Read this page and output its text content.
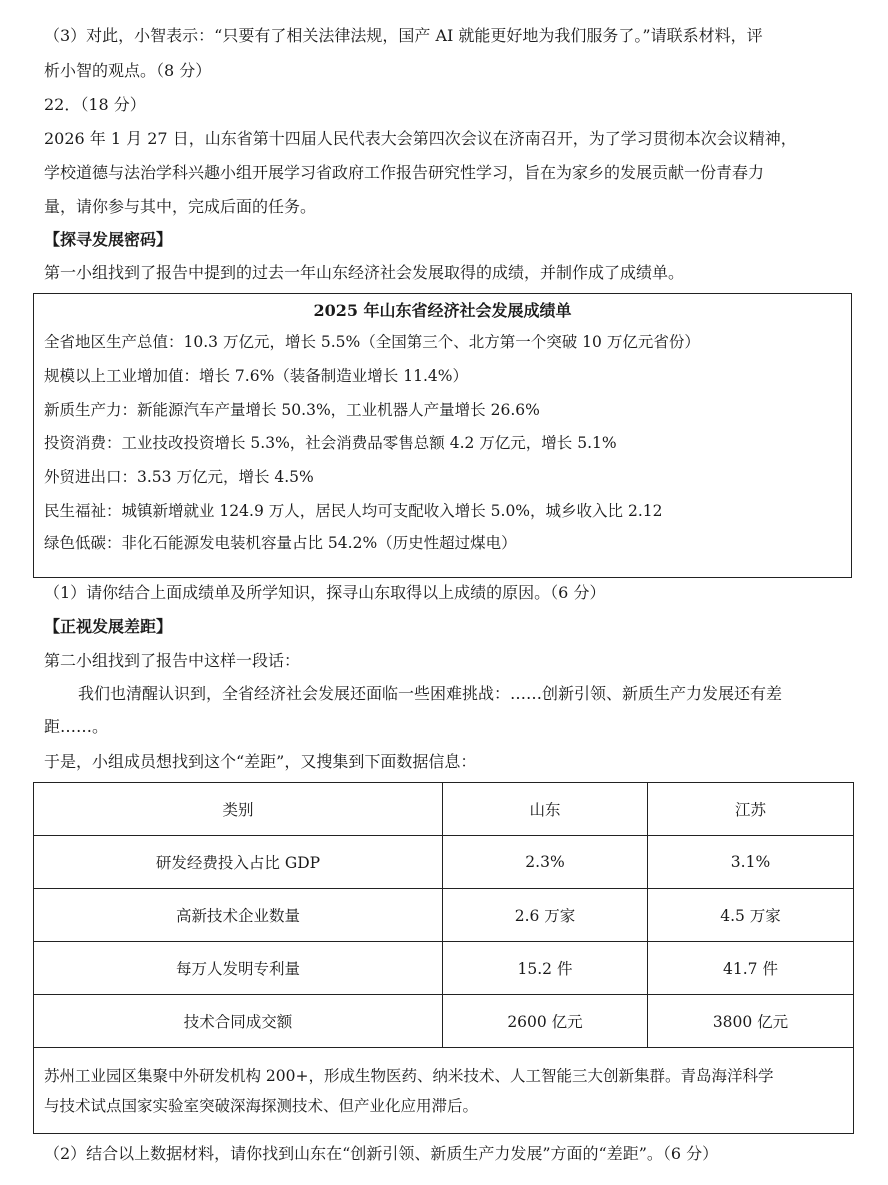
（3）对此，小智表示：“只要有了相关法律法规，国产 AI 就能更好地为我们服务了。”请联系材料，评
析小智的观点。（8 分）
22．（18 分）
2026 年 1 月 27 日，山东省第十四届人民代表大会第四次会议在济南召开，为了学习贯彻本次会议精神，
学校道德与法治学科兴趣小组开展学习省政府工作报告研究性学习，旨在为家乡的发展贡献一份青春力
量，请你参与其中，完成后面的任务。
【探寻发展密码】
第一小组找到了报告中提到的过去一年山东经济社会发展取得的成绩，并制作成了成绩单。
2025 年山东省经济社会发展成绩单
全省地区生产总值：10.3 万亿元，增长 5.5%（全国第三个、北方第一个突破 10 万亿元省份）
规模以上工业增加值：增长 7.6%（装备制造业增长 11.4%）
新质生产力：新能源汽车产量增长 50.3%，工业机器人产量增长 26.6%
投资消费：工业技改投资增长 5.3%，社会消费品零售总额 4.2 万亿元，增长 5.1%
外贸进出口：3.53 万亿元，增长 4.5%
民生福祉：城镇新增就业 124.9 万人，居民人均可支配收入增长 5.0%，城乡收入比 2.12
绿色低碳：非化石能源发电装机容量占比 54.2%（历史性超过煤电）
（1）请你结合上面成绩单及所学知识，探寻山东取得以上成绩的原因。（6 分）
【正视发展差距】
第二小组找到了报告中这样一段话：
我们也清醒认识到，全省经济社会发展还面临一些困难挑战：……创新引领、新质生产力发展还有差
距……。
于是，小组成员想找到这个“差距”，又搜集到下面数据信息：
类别	山东	江苏
研发经费投入占比 GDP	2.3%	3.1%
高新技术企业数量	2.6 万家	4.5 万家
每万人发明专利量	15.2 件	41.7 件
技术合同成交额	2600 亿元	3800 亿元

苏州工业园区集聚中外研发机构 200+，形成生物医药、纳米技术、人工智能三大创新集群。青岛海洋科学
与技术试点国家实验室突破深海探测技术、但产业化应用滞后。		
（2）结合以上数据材料，请你找到山东在“创新引领、新质生产力发展”方面的“差距”。（6 分）
